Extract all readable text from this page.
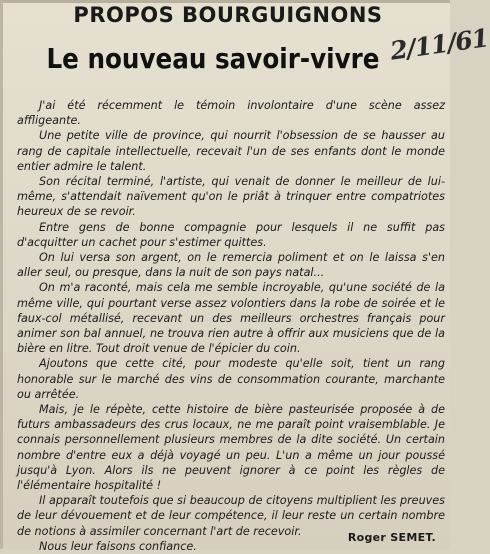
PROPOS BOURGUIGNONS
Le nouveau savoir-vivre 2/11/61

J'ai été récemment le témoin involontaire d'une scène assez affligeante.

Une petite ville de province, qui nourrit l'obsession de se hausser au rang de capitale intellectuelle, recevait l'un de ses enfants dont le monde entier admire le talent.

Son récital terminé, l'artiste, qui venait de donner le meilleur de lui-même, s'attendait naïvement qu'on le priât à trinquer entre compatriotes heureux de se revoir.

Entre gens de bonne compagnie pour lesquels il ne suffit pas d'acquitter un cachet pour s'estimer quittes.

On lui versa son argent, on le remercia poliment et on le laissa s'en aller seul, ou presque, dans la nuit de son pays natal...

On m'a raconté, mais cela me semble incroyable, qu'une société de la même ville, qui pourtant verse assez volontiers dans la robe de soirée et le faux-col métallisé, recevant un des meilleurs orchestres français pour animer son bal annuel, ne trouva rien autre à offrir aux musiciens que de la bière en litre. Tout droit venue de l'épicier du coin.

Ajoutons que cette cité, pour modeste qu'elle soit, tient un rang honorable sur le marché des vins de consommation courante, marchante ou arrêtée.

Mais, je le répète, cette histoire de bière pasteurisée proposée à de futurs ambassadeurs des crus locaux, ne me paraît point vraisemblable. Je connais personnellement plusieurs membres de la dite société. Un certain nombre d'entre eux a déjà voyagé un peu. L'un a même un jour poussé jusqu'à Lyon. Alors ils ne peuvent ignorer à ce point les règles de l'élémentaire hospitalité !

Il apparaît toutefois que si beaucoup de citoyens multiplient les preuves de leur dévouement et de leur compétence, il leur reste un certain nombre de notions à assimiler concernant l'art de recevoir.

Nous leur faisons confiance.

Roger SEMET.
